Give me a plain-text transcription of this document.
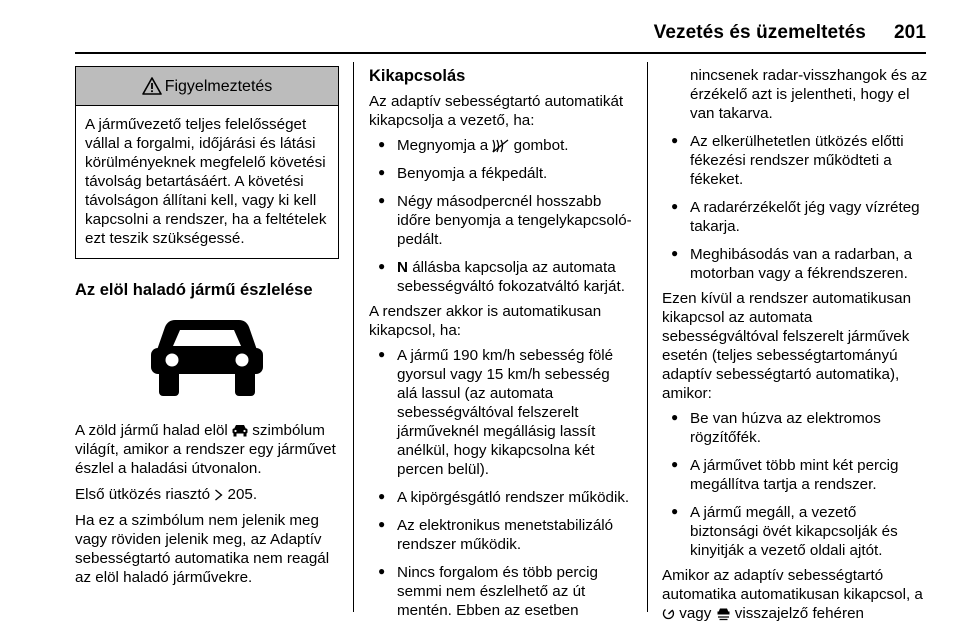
Vezetés és üzemeltetés 201
Figyelmeztetés
A járművezető teljes felelősséget vállal a forgalmi, időjárási és látási körülményeknek megfelelő követési távolság betartásáért. A követési távolságon állítani kell, vagy ki kell kapcsolni a rendszer, ha a feltételek ezt teszik szükségessé.
Az elöl haladó jármű észlelése

A zöld jármű halad elöl szimbólum világít, amikor a rendszer egy járművet észlel a haladási útvonalon.

Első ütközés riasztó 205.

Ha ez a szimbólum nem jelenik meg vagy röviden jelenik meg, az Adaptív sebességtartó automatika nem reagál az elöl haladó járművekre.

Kikapcsolás

Az adaptív sebességtartó automatikát kikapcsolja a vezető, ha:

● Megnyomja a gombot.
● Benyomja a fékpedált.
● Négy másodpercnél hosszabb időre benyomja a tengelykapcsoló-pedált.
● N állásba kapcsolja az automata sebességváltó fokozatváltó karját.

A rendszer akkor is automatikusan kikapcsol, ha:

● A jármű 190 km/h sebesség fölé gyorsul vagy 15 km/h sebesség alá lassul (az automata sebességváltóval felszerelt járműveknél megállásig lassít anélkül, hogy kikapcsolna két percen belül).
● A kipörgésgátló rendszer működik.
● Az elektronikus menetstabilizáló rendszer működik.
● Nincs forgalom és több percig semmi nem észlelhető az út mentén. Ebben az esetben

nincsenek radar-visszhangok és az érzékelő azt is jelentheti, hogy el van takarva.

● Az elkerülhetetlen ütközés előtti fékezési rendszer működteti a fékeket.
● A radarérzékelőt jég vagy vízréteg takarja.
● Meghibásodás van a radarban, a motorban vagy a fékrendszeren.

Ezen kívül a rendszer automatikusan kikapcsol az automata sebességváltóval felszerelt járművek esetén (teljes sebességtartományú adaptív sebességtartó automatika), amikor:

● Be van húzva az elektromos rögzítőfék.
● A járművet több mint két percig megállítva tartja a rendszer.
● A jármű megáll, a vezető biztonsági övét kikapcsolják és kinyitják a vezető oldali ajtót.

Amikor az adaptív sebességtartó automatika automatikusan kikapcsol, a  vagy visszajelző fehéren
